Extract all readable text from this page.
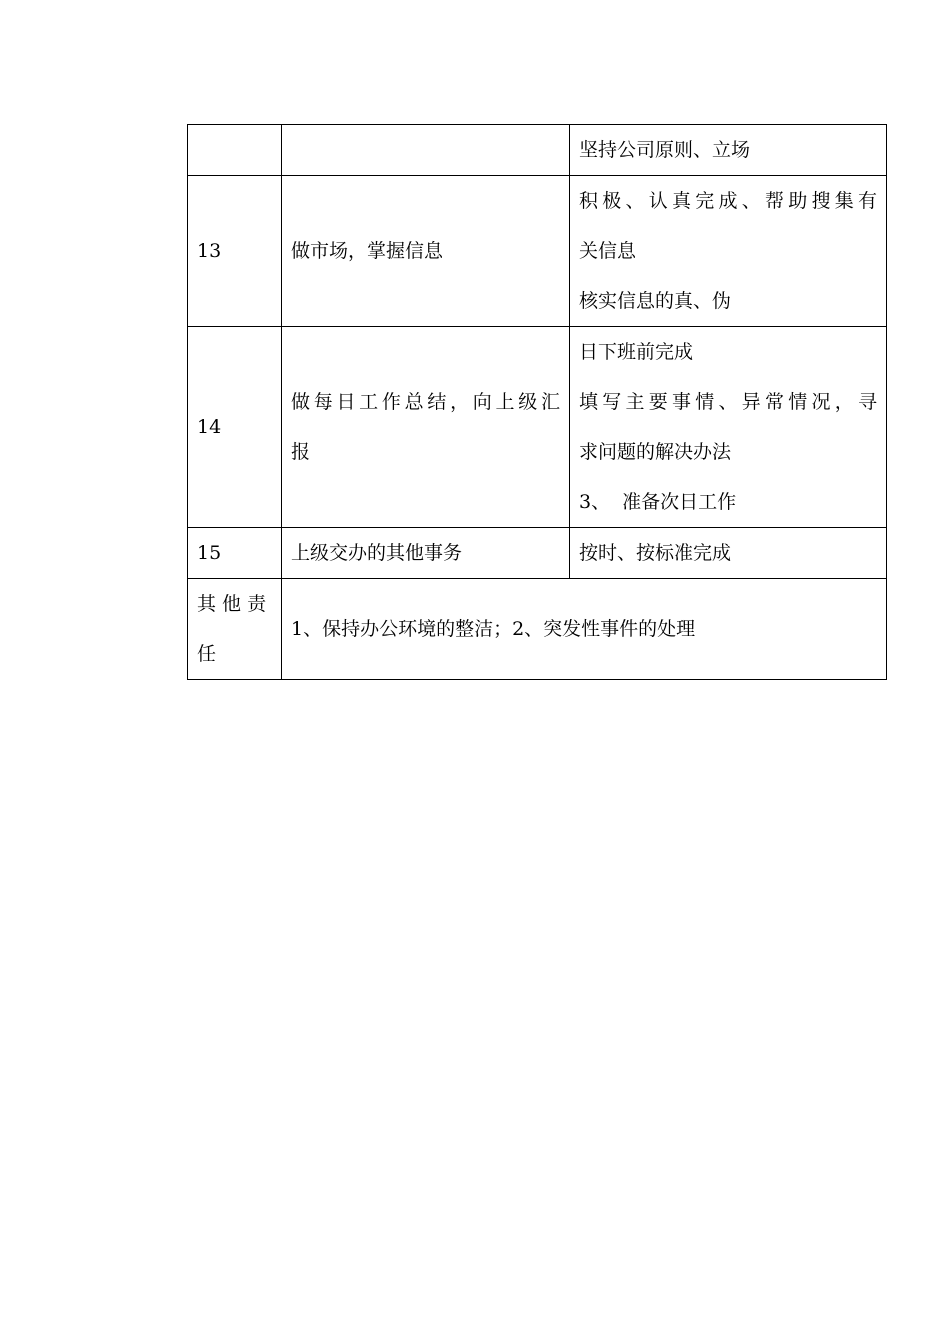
		坚持公司原则、立场

13	做市场，掌握信息	积极、认真完成、帮助搜集有
关信息
核实信息的真、伪

14	做每日工作总结，向上级汇
报	日下班前完成
填写主要事情、异常情况，寻
求问题的解决办法
3、  准备次日工作

15	上级交办的其他事务	按时、按标准完成

其 他 责
任	1、保持办公环境的整洁；2、突发性事件的处理	
